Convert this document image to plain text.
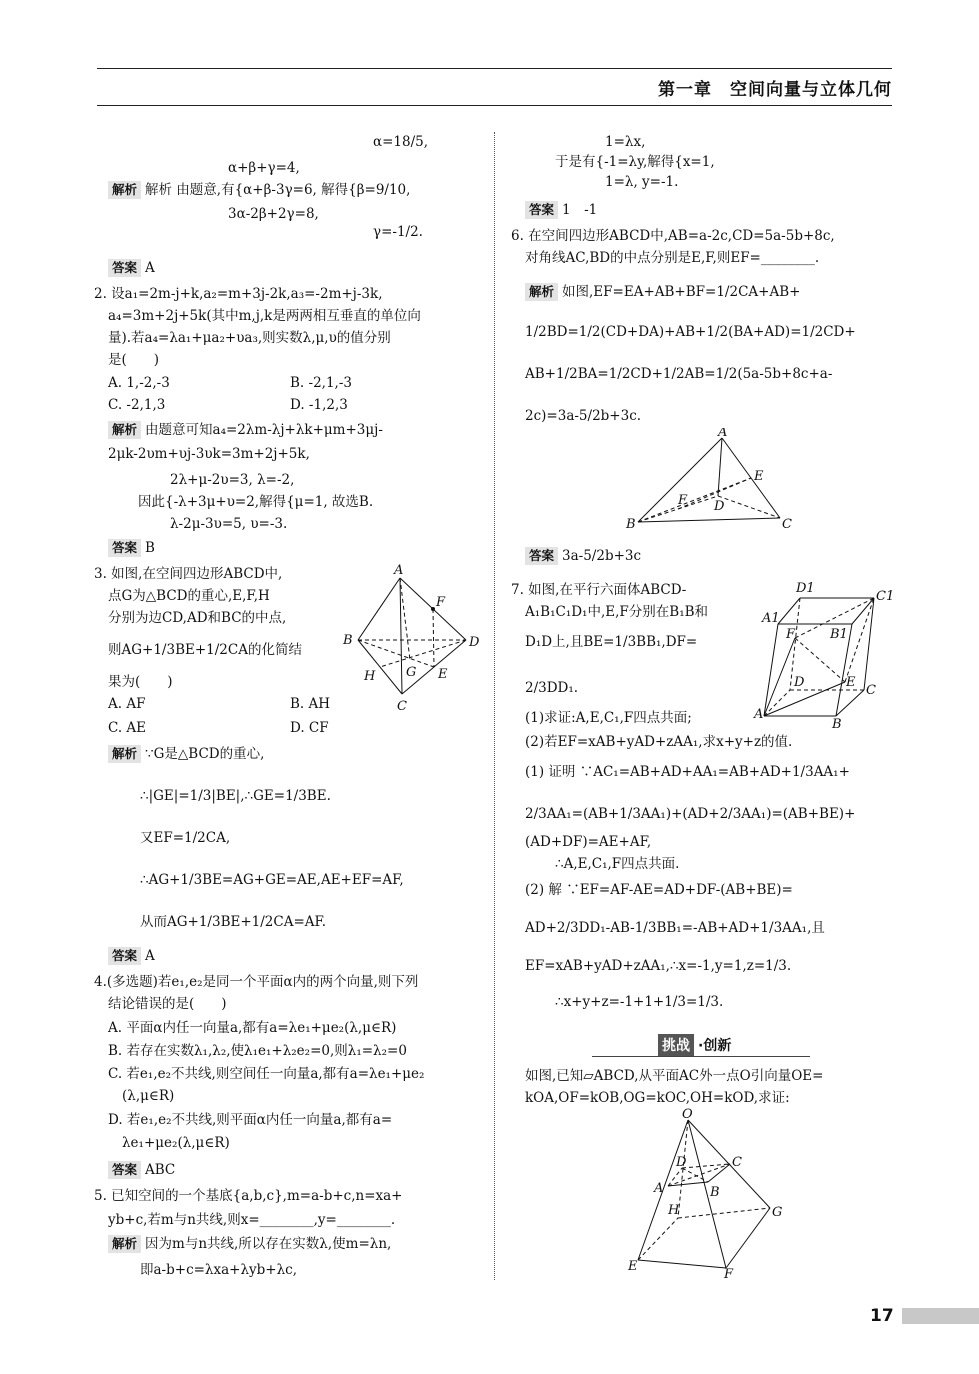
第一章　空间向量与立体几何
α=18/5,
α+β+γ=4,
解析 解析 由题意,有{α+β-3γ=6, 解得{β=9/10,
3α-2β+2γ=8,
γ=-1/2.
答案 A
2. 设a₁=2m-j+k,a₂=m+3j-2k,a₃=-2m+j-3k,
a₄=3m+2j+5k(其中m,j,k是两两相互垂直的单位向
量).若a₄=λa₁+μa₂+υa₃,则实数λ,μ,υ的值分别
是(　　)
A. 1,-2,-3	B. -2,1,-3
C. -2,1,3	D. -1,2,3
解析 由题意可知a₄=2λm-λj+λk+μm+3μj-
2μk-2υm+υj-3υk=3m+2j+5k,
2λ+μ-2υ=3, λ=-2,
因此{-λ+3μ+υ=2,解得{μ=1, 故选B.
λ-2μ-3υ=5, υ=-3.
答案 B
3. 如图,在空间四边形ABCD中,
点G为△BCD的重心,E,F,H
分别为边CD,AD和BC的中点,
则AG+1/3BE+1/2CA的化简结
果为(　　)
A. AF	B. AH
C. AE	D. CF
解析 ∵G是△BCD的重心,
∴|GE|=1/3|BE|,∴GE=1/3BE.
又EF=1/2CA,
∴AG+1/3BE=AG+GE=AE,AE+EF=AF,
从而AG+1/3BE+1/2CA=AF.
答案 A
4.(多选题)若e₁,e₂是同一个平面α内的两个向量,则下列
结论错误的是(　　)
A. 平面α内任一向量a,都有a=λe₁+μe₂(λ,μ∈R)
B. 若存在实数λ₁,λ₂,使λ₁e₁+λ₂e₂=0,则λ₁=λ₂=0
C. 若e₁,e₂不共线,则空间任一向量a,都有a=λe₁+μe₂
(λ,μ∈R)
D. 若e₁,e₂不共线,则平面α内任一向量a,都有a=
λe₁+μe₂(λ,μ∈R)
答案 ABC
5. 已知空间的一个基底{a,b,c},m=a-b+c,n=xa+
yb+c,若m与n共线,则x=________,y=________.
解析 因为m与n共线,所以存在实数λ,使m=λn,
即a-b+c=λxa+λyb+λc,
A
F
B	D
G
H	E
C
1=λx,
于是有{-1=λy,解得{x=1,
1=λ, y=-1.
答案 1　-1
6. 在空间四边形ABCD中,AB=a-2c,CD=5a-5b+8c,
对角线AC,BD的中点分别是E,F,则EF=________.
解析 如图,EF=EA+AB+BF=1/2CA+AB+
1/2BD=1/2(CD+DA)+AB+1/2(BA+AD)=1/2CD+
AB+1/2BA=1/2CD+1/2AB=1/2(5a-5b+8c+a-
2c)=3a-5/2b+3c.
答案 3a-5/2b+3c
7. 如图,在平行六面体ABCD-
A₁B₁C₁D₁中,E,F分别在B₁B和
D₁D上,且BE=1/3BB₁,DF=
2/3DD₁.
(1)求证:A,E,C₁,F四点共面;
(2)若EF=xAB+yAD+zAA₁,求x+y+z的值.
(1) 证明 ∵AC₁=AB+AD+AA₁=AB+AD+1/3AA₁+
2/3AA₁=(AB+1/3AA₁)+(AD+2/3AA₁)=(AB+BE)+
(AD+DF)=AE+AF,
∴A,E,C₁,F四点共面.
(2) 解 ∵EF=AF-AE=AD+DF-(AB+BE)=
AD+2/3DD₁-AB-1/3BB₁=-AB+AD+1/3AA₁,且
EF=xAB+yAD+zAA₁,∴x=-1,y=1,z=1/3.
∴x+y+z=-1+1+1/3=1/3.
如图,已知▱ABCD,从平面AC外一点O引向量OE=
kOA,OF=kOB,OG=kOC,OH=kOD,求证:
A
E
F D
B	C
D1
C1
A1
F	B1
D	E
C
A
B
挑战 ·创新
O
D	C
A	B
H	G
E
F
17
